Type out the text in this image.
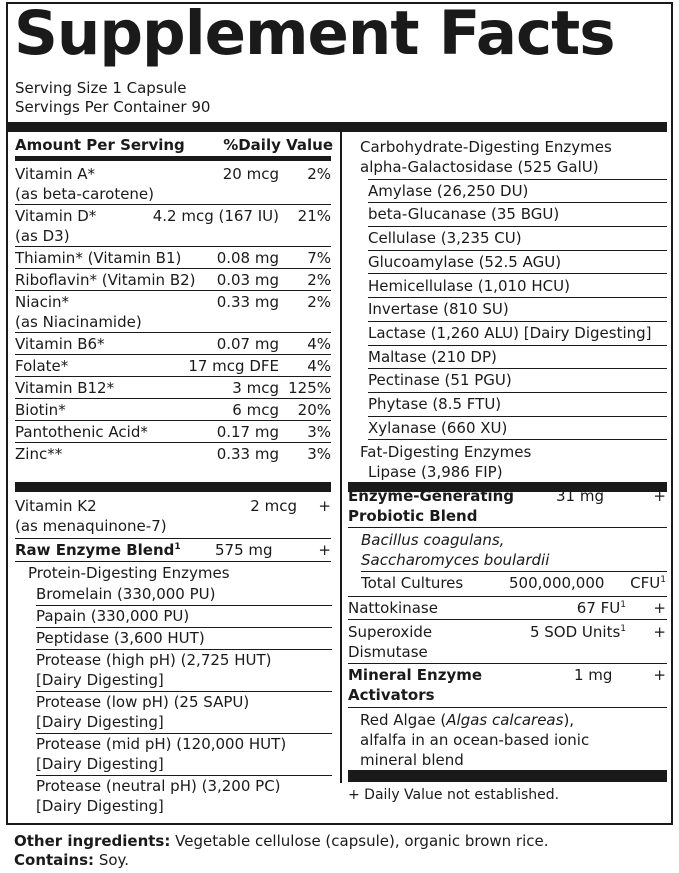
Supplement Facts
Serving Size 1 Capsule
Servings Per Container 90
Amount Per Serving	%Daily Value
Vitamin A*
(as beta-carotene)
20 mcg 2%
Vitamin D*
(as D3)
4.2 mcg (167 IU) 21%
Thiamin* (Vitamin B1) 0.08 mg 7%
Riboflavin* (Vitamin B2) 0.03 mg 2%
Niacin*
(as Niacinamide)
0.33 mg 2%
Vitamin B6*	0.07 mg 4%
Folate*	17 mcg DFE 4%
Vitamin B12*	3 mcg 125%
Biotin*	6 mcg 20%
Pantothenic Acid*	0.17 mg 3%
Zinc**	0.33 mg 3%
Vitamin K2
(as menaquinone-7)
2 mcg +
Raw Enzyme Blend$^1$ 575 mg	+
Protein-Digesting Enzymes
Bromelain (330,000 PU)
Papain (330,000 PU)
Peptidase (3,600 HUT)
Protease (high pH) (2,725 HUT)
[Dairy Digesting]
Protease (low pH) (25 SAPU)
[Dairy Digesting]
Protease (mid pH) (120,000 HUT)
[Dairy Digesting]
Protease (neutral pH) (3,200 PC)
[Dairy Digesting]
Carbohydrate-Digesting Enzymes
alpha-Galactosidase (525 GalU)
Amylase (26,250 DU)
beta-Glucanase (35 BGU)
Cellulase (3,235 CU)
Glucoamylase (52.5 AGU)
Hemicellulase (1,010 HCU)
Invertase (810 SU)
Lactase (1,260 ALU) [Dairy Digesting]
Maltase (210 DP)
Pectinase (51 PGU)
Phytase (8.5 FTU)
Xylanase (660 XU)
Fat-Digesting Enzymes
Lipase (3,986 FIP)
Enzyme-Generating
Probiotic Blend
31 mg	+
Bacillus coagulans,
Saccharomyces boulardii
Total Cultures	500,000,000 CFU$^1$
Nattokinase	67 $FU^1$ +
Superoxide
Dismutase
5 SOD Units$^1$ +
Mineral Enzyme
Activators
1 mg	+
Red Algae (Algas calcareas),
alfalfa in an ocean-based ionic
mineral blend
+ Daily Value not established.
Other ingredients: Vegetable cellulose (capsule), organic brown rice.
Contains: Soy.
